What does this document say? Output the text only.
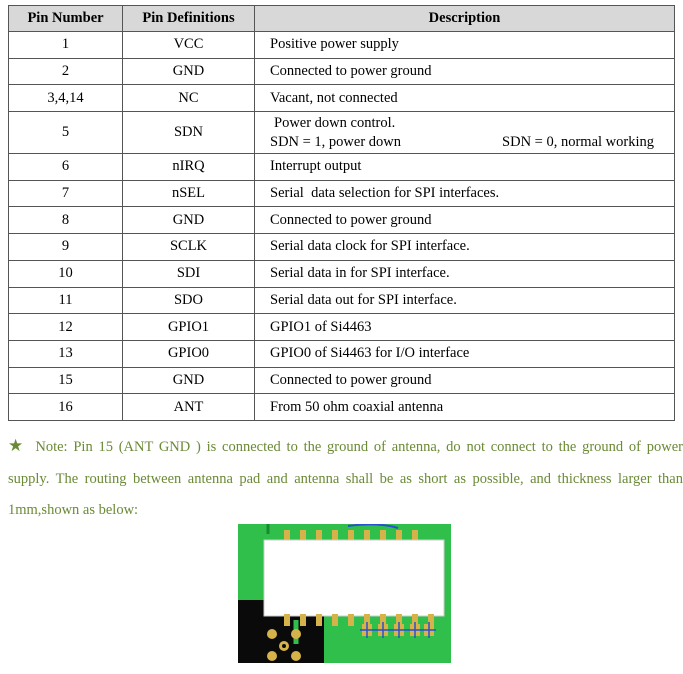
Pin Number	Pin Definitions	Description
1	VCC	Positive power supply
2	GND	Connected to power ground
3,4,14	NC	Vacant, not connected
5	SDN	Power down control.
SDN = 1, power down SDN = 0, normal working

6	nIRQ	Interrupt output
7	nSEL	Serial  data selection for SPI interfaces.
8	GND	Connected to power ground
9	SCLK	Serial data clock for SPI interface.
10	SDI	Serial data in for SPI interface.
11	SDO	Serial data out for SPI interface.
12	GPIO1	GPIO1 of Si4463
13	GPIO0	GPIO0 of Si4463 for I/O interface
15	GND	Connected to power ground
16	ANT	From 50 ohm coaxial antenna
★ Note: Pin 15 (ANT GND ) is connected to the ground of antenna, do not connect to the ground of power supply. The routing between antenna pad and antenna shall be as short as possible, and thickness larger than 1mm,shown as below:
